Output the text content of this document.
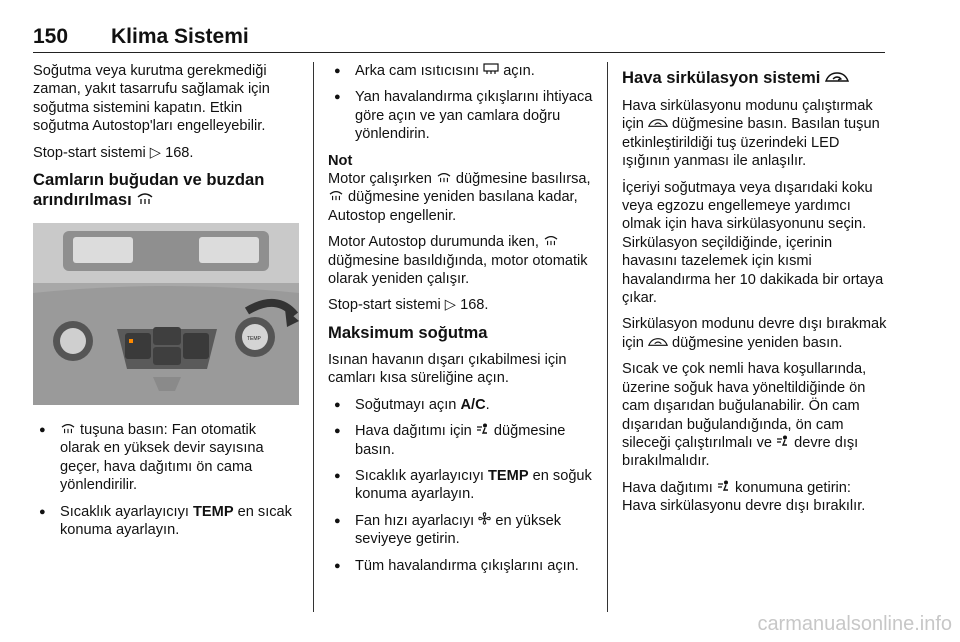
150 Klima Sistemi

Soğutma veya kurutma gerekmediği zaman, yakıt tasarrufu sağlamak için soğutma sistemini kapatın. Etkin soğutma Autostop'ları engelleyebilir.

Stop-start sistemi ▷ 168.

Camların buğudan ve buzdan arındırılması
TEMP
● tuşuna basın: Fan otomatik olarak en yüksek devir sayısına geçer, hava dağıtımı ön cama yönlendirilir.
● Sıcaklık ayarlayıcıyı TEMP en sıcak konuma ayarlayın.
● Arka cam ısıtıcısını  açın.
● Yan havalandırma çıkışlarını ihtiyaca göre açın ve yan camlara doğru yönlendirin.

Not

Motor çalışırken  düğmesine basılırsa,  düğmesine yeniden basılana kadar, Autostop engellenir.

Motor Autostop durumunda iken,  düğmesine basıldığında, motor otomatik olarak yeniden çalışır.

Stop-start sistemi ▷ 168.

Maksimum soğutma

Isınan havanın dışarı çıkabilmesi için camları kısa süreliğine açın.

● Soğutmayı açın A/C.
● Hava dağıtımı için  düğmesine basın.
● Sıcaklık ayarlayıcıyı TEMP en soğuk konuma ayarlayın.
● Fan hızı ayarlacıyı  en yüksek seviyeye getirin.
● Tüm havalandırma çıkışlarını açın.
Hava sirkülasyon sistemi

Hava sirkülasyonu modunu çalıştırmak için  düğmesine basın. Basılan tuşun etkinleştirildiği tuş üzerindeki LED ışığının yanması ile anlaşılır.

İçeriyi soğutmaya veya dışarıdaki koku veya egzozu engellemeye yardımcı olmak için hava sirkülasyonunu seçin. Sirkülasyon seçildiğinde, içerinin havasını tazelemek için kısmi havalandırma her 10 dakikada bir ortaya çıkar.

Sirkülasyon modunu devre dışı bırakmak için  düğmesine yeniden basın.

Sıcak ve çok nemli hava koşullarında, üzerine soğuk hava yöneltildiğinde ön cam dışarıdan buğulanabilir. Ön cam dışarıdan buğulandığında, ön cam sileceği çalıştırılmalı ve  devre dışı bırakılmalıdır.

Hava dağıtımı  konumuna getirin: Hava sirkülasyonu devre dışı bırakılır.

carmanualsonline.info
